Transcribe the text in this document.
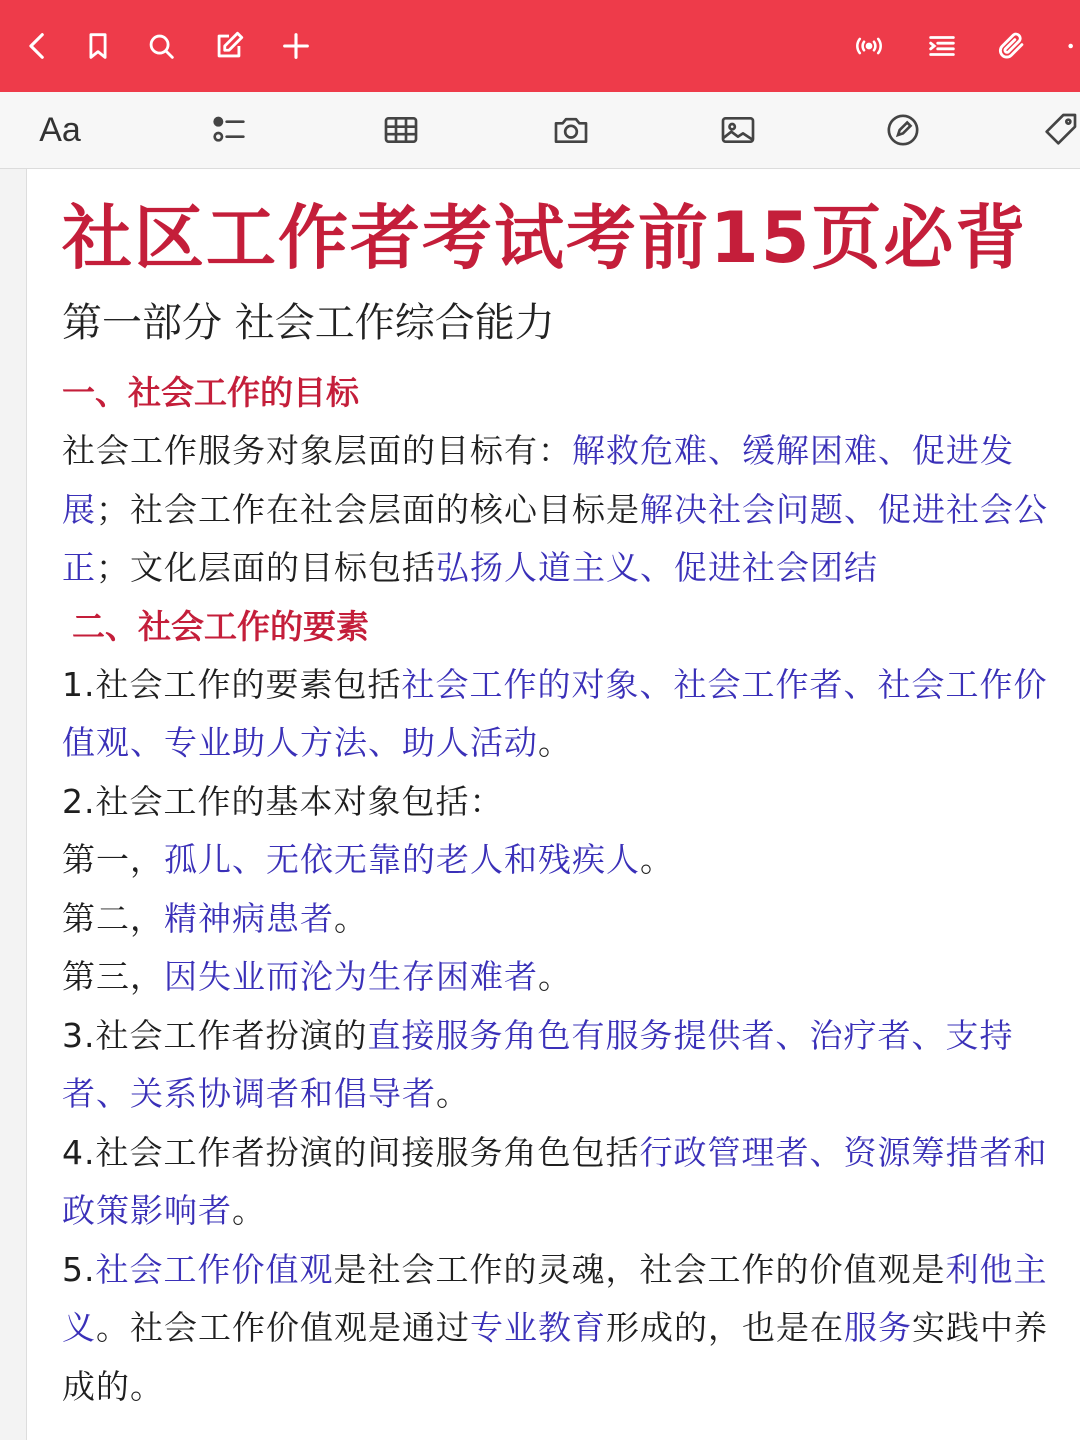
Aa
社区工作者考试考前15页必背
第一部分 社会工作综合能力
一、社会工作的目标
社会工作服务对象层面的目标有：解救危难、缓解困难、促进发展；社会工作在社会层面的核心目标是解决社会问题、促进社会公正；文化层面的目标包括弘扬人道主义、促进社会团结
二、社会工作的要素
1.社会工作的要素包括社会工作的对象、社会工作者、社会工作价值观、专业助人方法、助人活动。
2.社会工作的基本对象包括：
第一，孤儿、无依无靠的老人和残疾人。
第二，精神病患者。
第三，因失业而沦为生存困难者。
3.社会工作者扮演的直接服务角色有服务提供者、治疗者、支持者、关系协调者和倡导者。
4.社会工作者扮演的间接服务角色包括行政管理者、资源筹措者和政策影响者。
5.社会工作价值观是社会工作的灵魂，社会工作的价值观是利他主义。社会工作价值观是通过专业教育形成的，也是在服务实践中养成的。
